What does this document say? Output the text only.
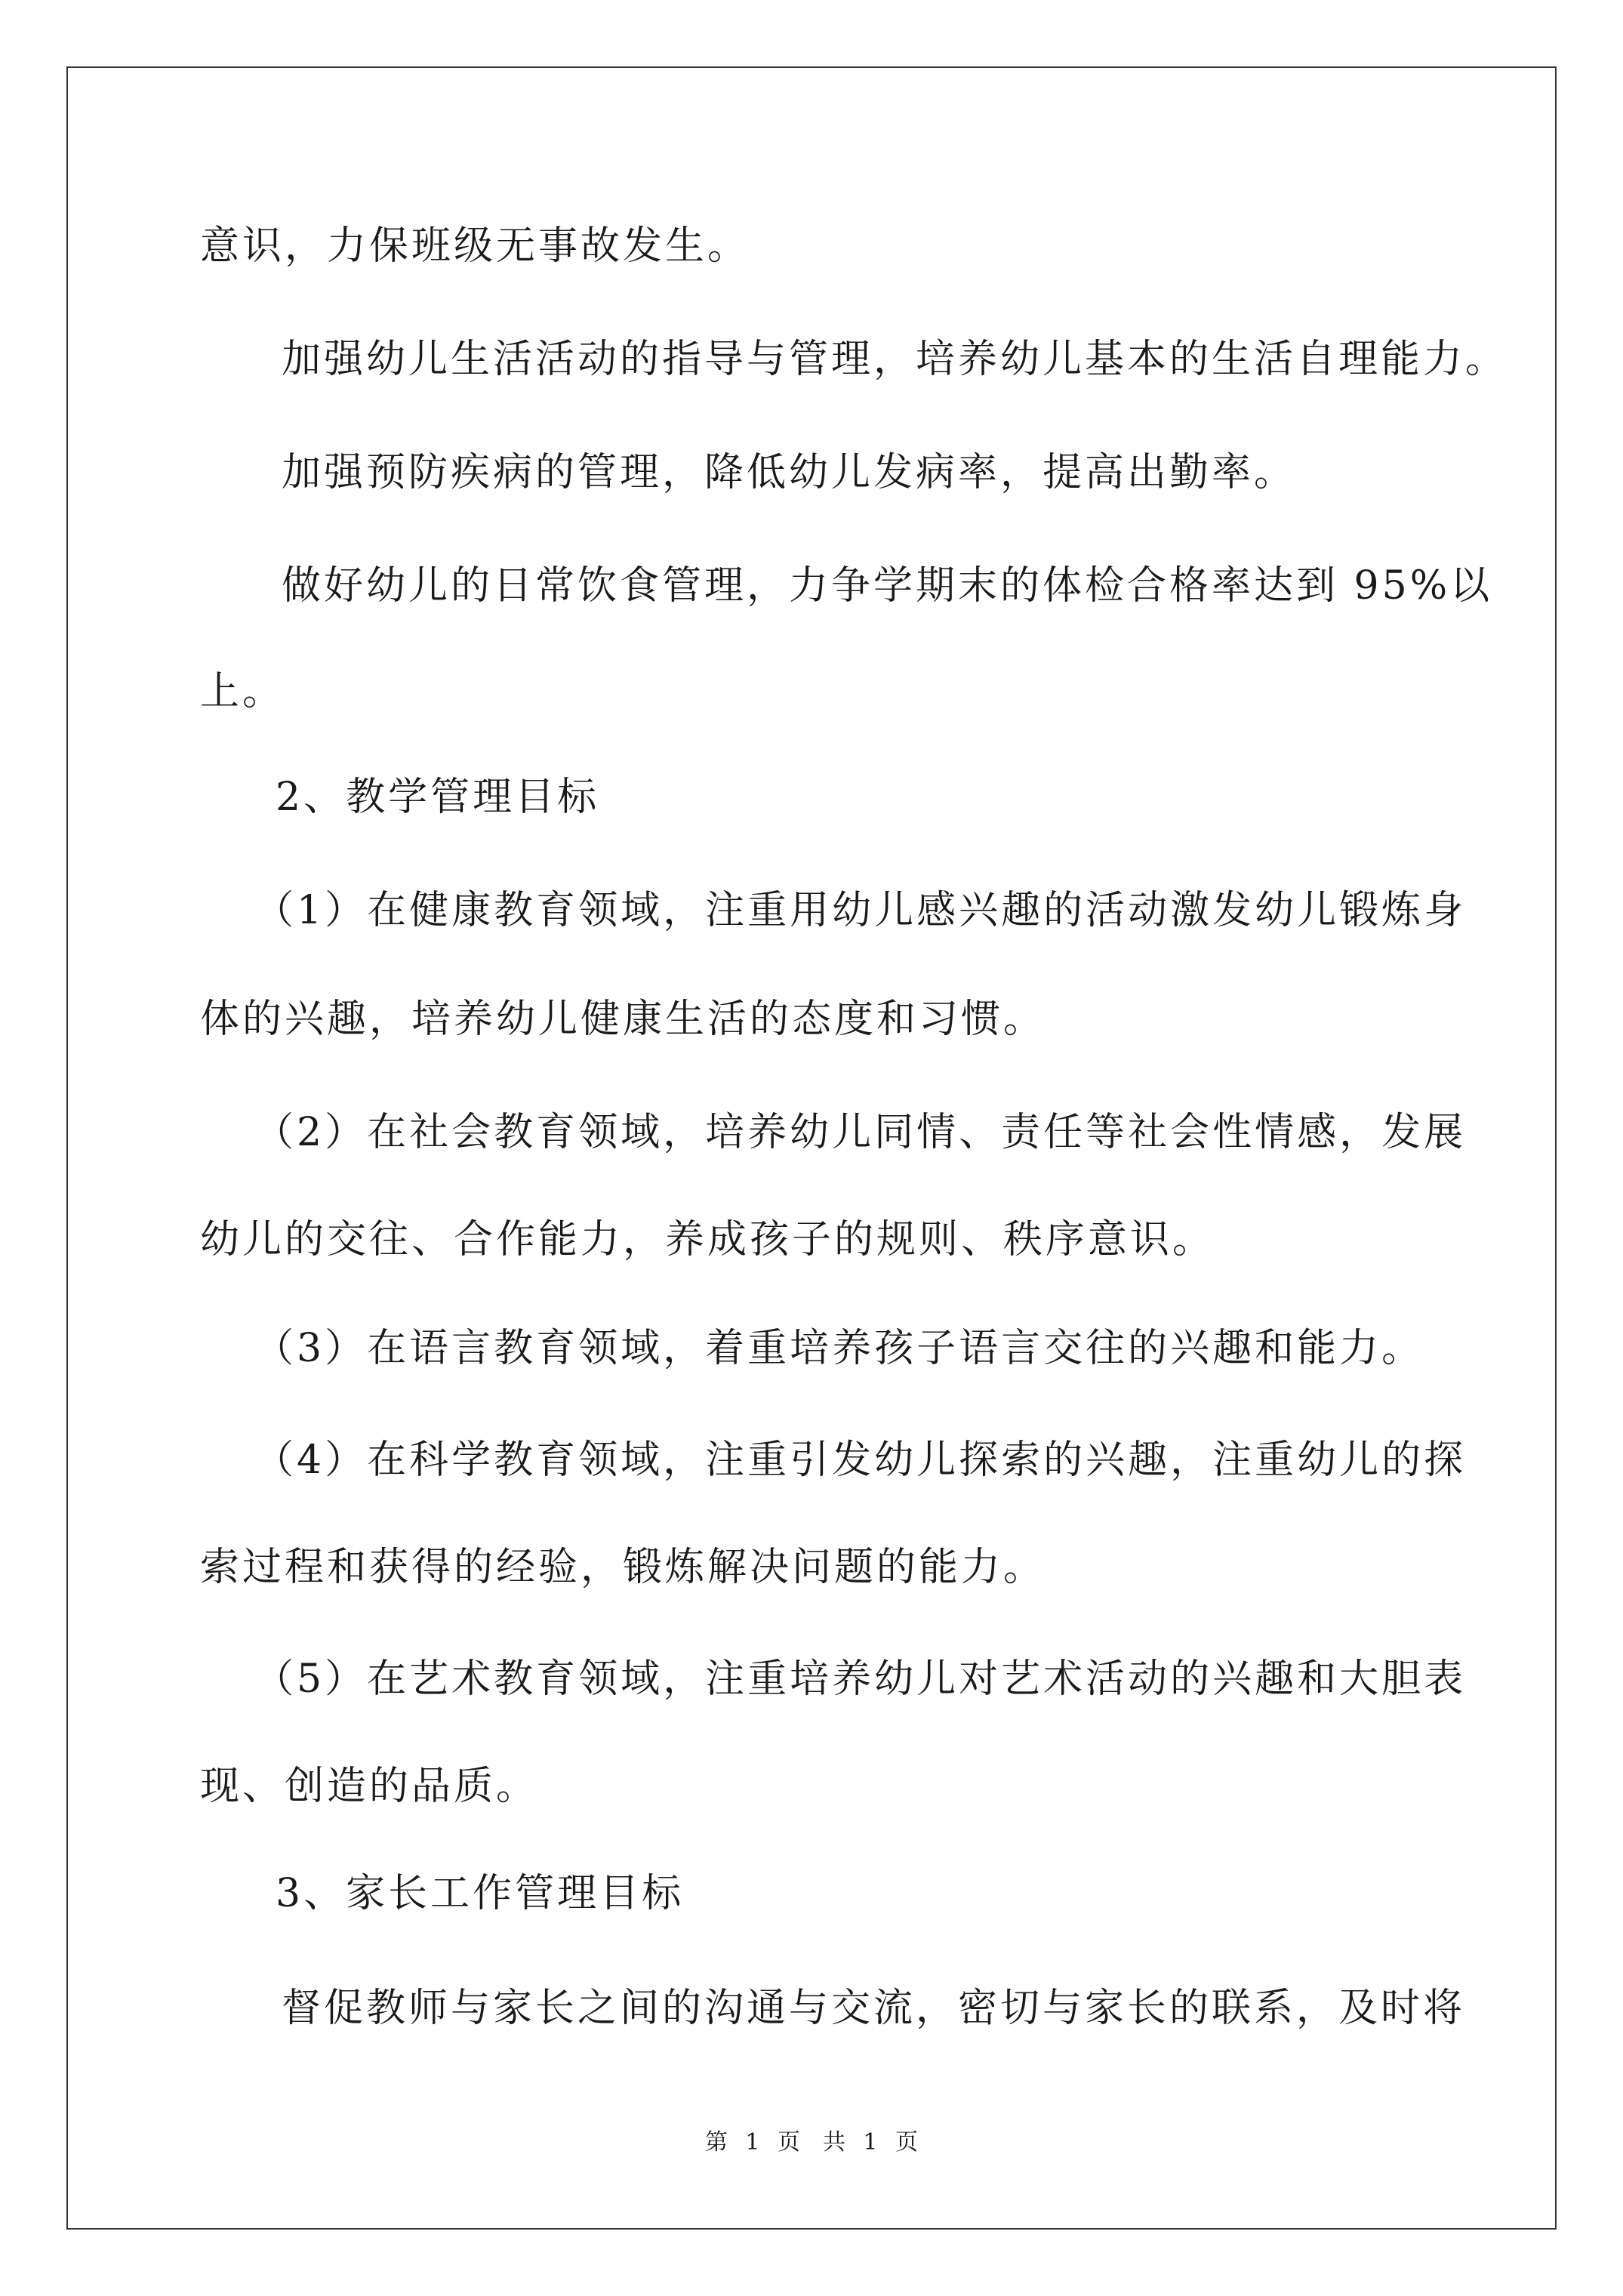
意识，力保班级无事故发生。
加强幼儿生活活动的指导与管理，培养幼儿基本的生活自理能力。
加强预防疾病的管理，降低幼儿发病率，提高出勤率。
做好幼儿的日常饮食管理，力争学期末的体检合格率达到 95%以
上。
2、教学管理目标
（1）在健康教育领域，注重用幼儿感兴趣的活动激发幼儿锻炼身
体的兴趣，培养幼儿健康生活的态度和习惯。
（2）在社会教育领域，培养幼儿同情、责任等社会性情感，发展
幼儿的交往、合作能力，养成孩子的规则、秩序意识。
（3）在语言教育领域，着重培养孩子语言交往的兴趣和能力。
（4）在科学教育领域，注重引发幼儿探索的兴趣，注重幼儿的探
索过程和获得的经验，锻炼解决问题的能力。
（5）在艺术教育领域，注重培养幼儿对艺术活动的兴趣和大胆表
现、创造的品质。
3、家长工作管理目标
督促教师与家长之间的沟通与交流，密切与家长的联系，及时将
第 1 页　共 1 页
